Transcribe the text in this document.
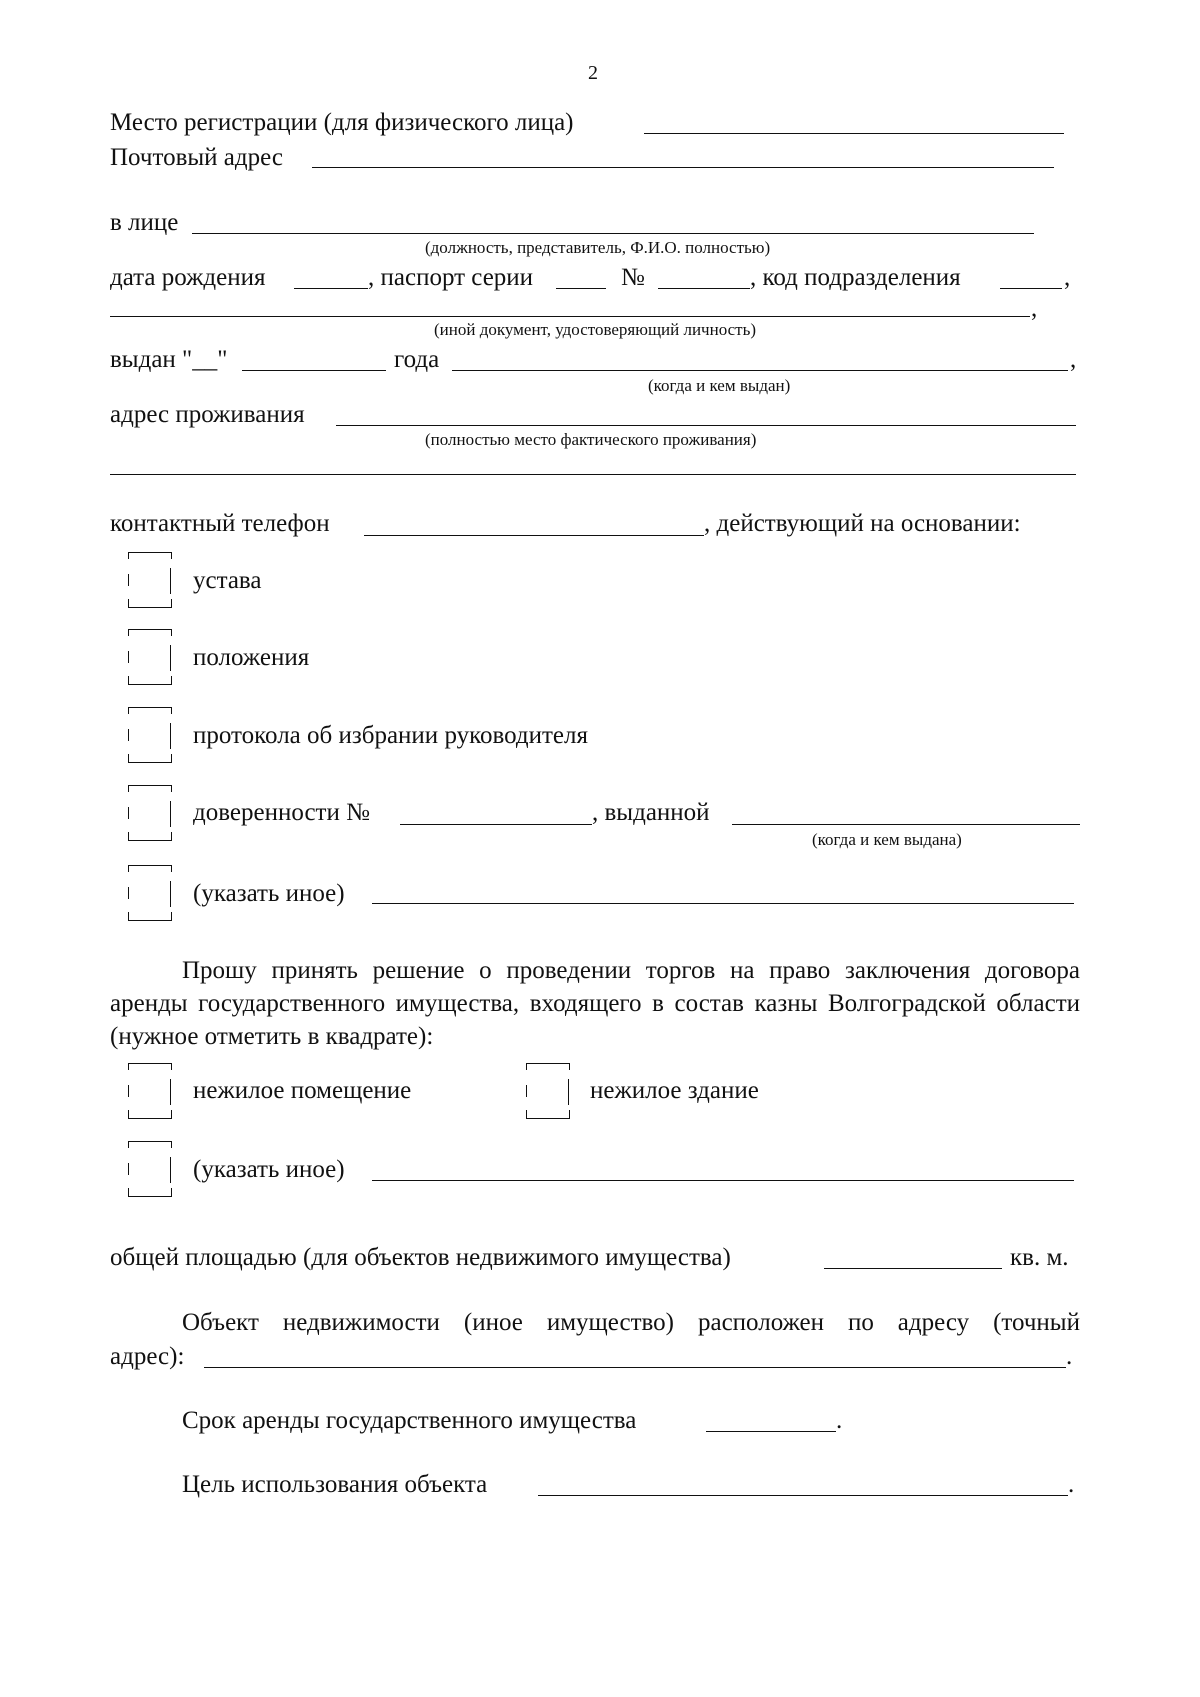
2
Место регистрации (для физического лица)
Почтовый адрес
в лице
(должность, представитель, Ф.И.О. полностью)
дата рождения	, паспорт серии	№	, код подразделения	,
,
(иной документ, удостоверяющий личность)
выдан "__"	года	,
(когда и кем выдан)
адрес проживания
(полностью место фактического проживания)
контактный телефон	, действующий на основании:
устава
положения
протокола об избрании руководителя
доверенности №	, выданной
(когда и кем выдана)
(указать иное)
Прошу принять решение о проведении торгов на право заключения договора аренды государственного имущества, входящего в состав казны Волгоградской области (нужное отметить в квадрате):
нежилое помещение	нежилое здание
(указать иное)
общей площадью (для объектов недвижимого имущества)	кв. м.
Объект недвижимости (иное имущество) расположен по адресу (точный
адрес):	.
Срок аренды государственного имущества	.
Цель использования объекта	.
